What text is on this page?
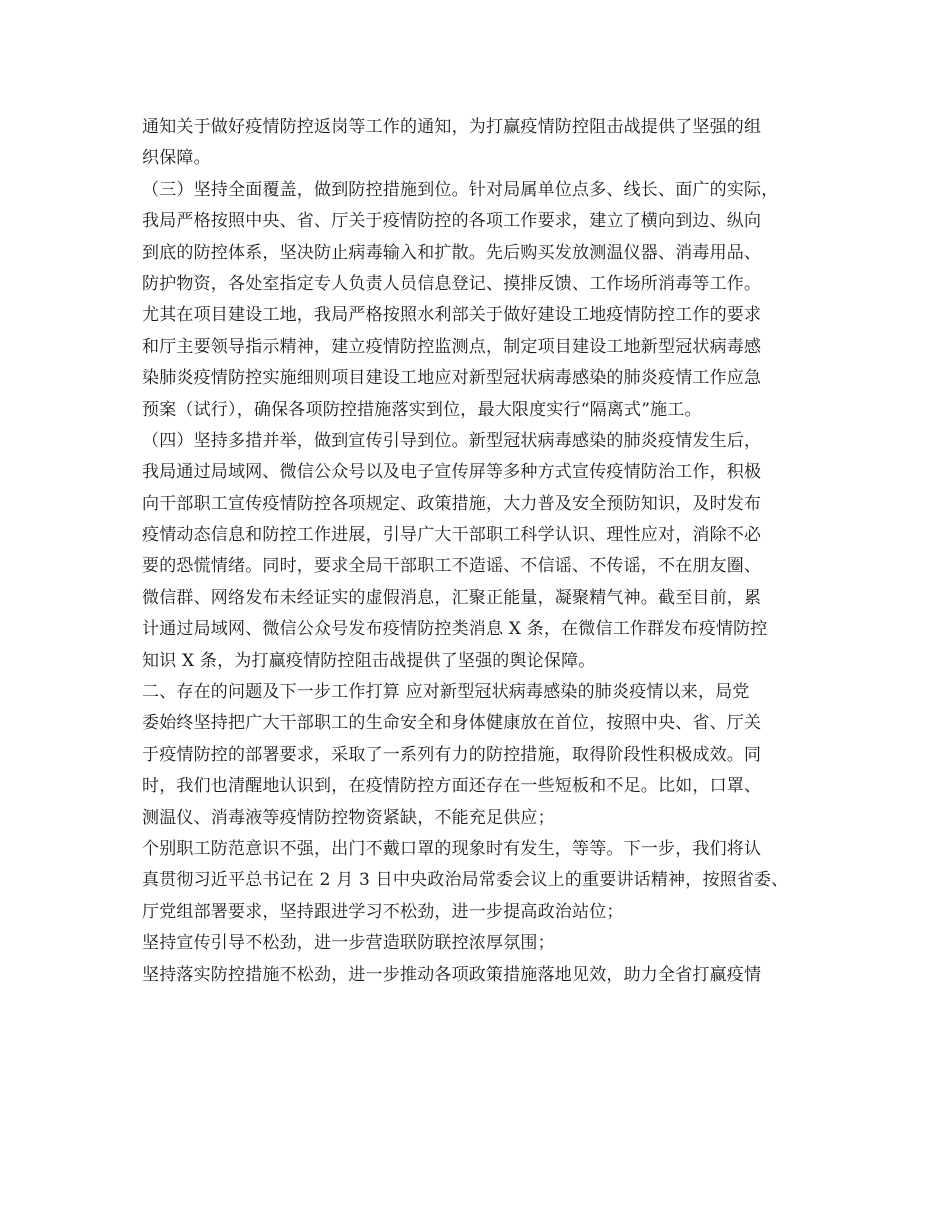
通知关于做好疫情防控返岗等工作的通知，为打赢疫情防控阻击战提供了坚强的组
织保障。
（三）坚持全面覆盖，做到防控措施到位。针对局属单位点多、线长、面广的实际，
我局严格按照中央、省、厅关于疫情防控的各项工作要求，建立了横向到边、纵向
到底的防控体系，坚决防止病毒输入和扩散。先后购买发放测温仪器、消毒用品、
防护物资，各处室指定专人负责人员信息登记、摸排反馈、工作场所消毒等工作。
尤其在项目建设工地，我局严格按照水利部关于做好建设工地疫情防控工作的要求
和厅主要领导指示精神，建立疫情防控监测点，制定项目建设工地新型冠状病毒感
染肺炎疫情防控实施细则项目建设工地应对新型冠状病毒感染的肺炎疫情工作应急
预案（试行），确保各项防控措施落实到位，最大限度实行“隔离式”施工。
（四）坚持多措并举，做到宣传引导到位。新型冠状病毒感染的肺炎疫情发生后，
我局通过局域网、微信公众号以及电子宣传屏等多种方式宣传疫情防治工作，积极
向干部职工宣传疫情防控各项规定、政策措施，大力普及安全预防知识，及时发布
疫情动态信息和防控工作进展，引导广大干部职工科学认识、理性应对，消除不必
要的恐慌情绪。同时，要求全局干部职工不造谣、不信谣、不传谣，不在朋友圈、
微信群、网络发布未经证实的虚假消息，汇聚正能量，凝聚精气神。截至目前，累
计通过局域网、微信公众号发布疫情防控类消息 X 条，在微信工作群发布疫情防控
知识 X 条，为打赢疫情防控阻击战提供了坚强的舆论保障。
二、存在的问题及下一步工作打算 应对新型冠状病毒感染的肺炎疫情以来，局党
委始终坚持把广大干部职工的生命安全和身体健康放在首位，按照中央、省、厅关
于疫情防控的部署要求，采取了一系列有力的防控措施，取得阶段性积极成效。同
时，我们也清醒地认识到，在疫情防控方面还存在一些短板和不足。比如，口罩、
测温仪、消毒液等疫情防控物资紧缺，不能充足供应；
个别职工防范意识不强，出门不戴口罩的现象时有发生，等等。下一步，我们将认
真贯彻习近平总书记在 2 月 3 日中央政治局常委会议上的重要讲话精神，按照省委、
厅党组部署要求，坚持跟进学习不松劲，进一步提高政治站位；
坚持宣传引导不松劲，进一步营造联防联控浓厚氛围；
坚持落实防控措施不松劲，进一步推动各项政策措施落地见效，助力全省打赢疫情
